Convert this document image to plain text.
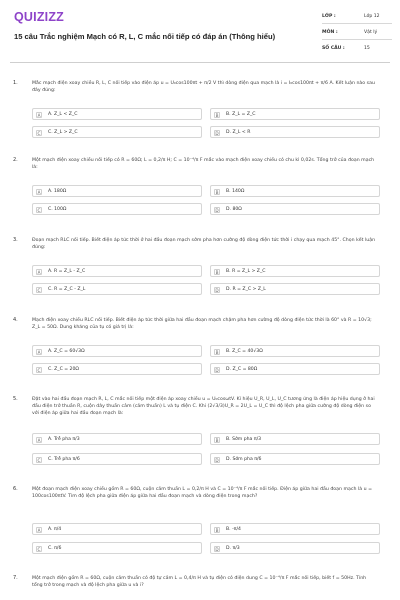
QUIZIZZ
15 câu Trắc nghiệm Mạch có R, L, C mắc nối tiếp có đáp án (Thông hiểu)
LỚP :	Lớp 12
MÔN :	Vật lý
SỐ CÂU :	15
1.	Mắc mạch điện xoay chiều R, L, C nối tiếp vào điện áp u = U₀cos100πt + π/2 V thì dòng điện qua mạch là i = I₀cos100πt + π/6 A. Kết luận nào sau đây đúng:
A	A. Z_L < Z_C	B	B. Z_L = Z_C
C	C. Z_L > Z_C	D	D. Z_L < R
2.	Một mạch điện xoay chiều nối tiếp có R = 60Ω; L = 0,2/π H; C = 10⁻⁴/π F mắc vào mạch điện xoay chiều có chu kì 0,02s. Tổng trở của đoạn mạch là:
A	A. 180Ω	B	B. 140Ω
C	C. 100Ω	D	D. 80Ω
3.	Đoạn mạch RLC nối tiếp. Biết điện áp tức thời ở hai đầu đoạn mạch sớm pha hơn cường độ dòng điện tức thời i chạy qua mạch 45°. Chọn kết luận đúng:
A	A. R = Z_L - Z_C	B	B. R = Z_L > Z_C
C	C. R = Z_C - Z_L	D	D. R = Z_C > Z_L
4.	Mạch điện xoay chiều RLC nối tiếp. Biết điện áp tức thời giữa hai đầu đoạn mạch chậm pha hơn cường độ dòng điện tức thời là 60° và R = 10√3; Z_L = 50Ω. Dung kháng của tụ có giá trị là:
A	A. Z_C = 60√3Ω	B	B. Z_C = 40√3Ω
C	C. Z_C = 20Ω	D	D. Z_C = 80Ω
5.	Đặt vào hai đầu đoạn mạch R, L, C mắc nối tiếp một điện áp xoay chiều u = U₀cosωtV. Kí hiệu U_R, U_L, U_C tương ứng là điện áp hiệu dụng ở hai đầu điện trở thuần R, cuộn dây thuần cảm (cảm thuần) L và tụ điện C. Khi (2√3/3)U_R = 2U_L = U_C thì độ lệch pha giữa cường độ dòng điện so với điện áp giữa hai đầu đoạn mạch là:
A	A. Trễ pha π/3	B	B. Sớm pha π/3
C	C. Trễ pha π/6	D	D. Sớm pha π/6
6.	Một đoạn mạch điện xoay chiều gồm R = 60Ω, cuộn cảm thuần L = 0,2/π H và C = 10⁻⁴/π F mắc nối tiếp. Điện áp giữa hai đầu đoạn mạch là u = 100cos100πtV. Tìm độ lệch pha giữa điện áp giữa hai đầu đoạn mạch và dòng điện trong mạch?
A	A. π/4	B	B. -π/4
C	C. π/6	D	D. π/3
7.	Một mạch điện gồm R = 60Ω, cuộn cảm thuần có độ tự cảm L = 0,4/π H và tụ điện có điện dung C = 10⁻⁴/π F mắc nối tiếp, biết f = 50Hz. Tính tổng trở trong mạch và độ lệch pha giữa u và i?
